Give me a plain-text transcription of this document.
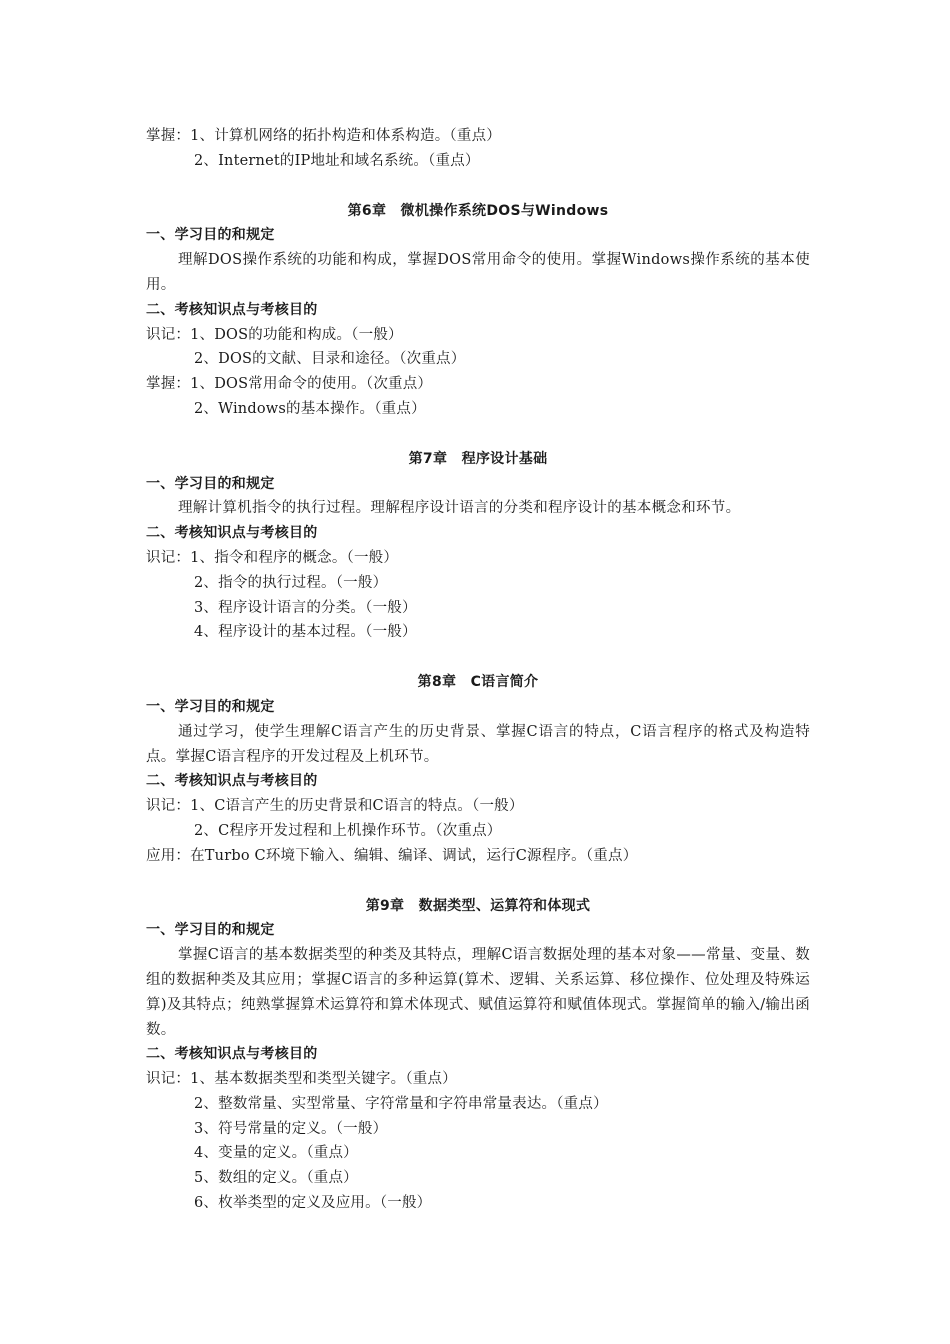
掌握：1、计算机网络的拓扑构造和体系构造。（重点）
2、Internet的IP地址和域名系统。（重点）
第6章　微机操作系统DOS与Windows
一、学习目的和规定
理解DOS操作系统的功能和构成，掌握DOS常用命令的使用。掌握Windows操作系统的基本使用。
二、考核知识点与考核目的
识记：1、DOS的功能和构成。（一般）
2、DOS的文献、目录和途径。（次重点）
掌握：1、DOS常用命令的使用。（次重点）
2、Windows的基本操作。（重点）
第7章　程序设计基础
一、学习目的和规定
理解计算机指令的执行过程。理解程序设计语言的分类和程序设计的基本概念和环节。
二、考核知识点与考核目的
识记：1、指令和程序的概念。（一般）
2、指令的执行过程。（一般）
3、程序设计语言的分类。（一般）
4、程序设计的基本过程。（一般）
第8章　C语言简介
一、学习目的和规定
通过学习，使学生理解C语言产生的历史背景、掌握C语言的特点，C语言程序的格式及构造特点。掌握C语言程序的开发过程及上机环节。
二、考核知识点与考核目的
识记：1、C语言产生的历史背景和C语言的特点。（一般）
2、C程序开发过程和上机操作环节。（次重点）
应用：在Turbo C环境下输入、编辑、编译、调试，运行C源程序。（重点）
第9章　数据类型、运算符和体现式
一、学习目的和规定
掌握C语言的基本数据类型的种类及其特点，理解C语言数据处理的基本对象——常量、变量、数组的数据种类及其应用；掌握C语言的多种运算(算术、逻辑、关系运算、移位操作、位处理及特殊运算)及其特点；纯熟掌握算术运算符和算术体现式、赋值运算符和赋值体现式。掌握简单的输入/输出函数。
二、考核知识点与考核目的
识记：1、基本数据类型和类型关键字。（重点）
2、整数常量、实型常量、字符常量和字符串常量表达。（重点）
3、符号常量的定义。（一般）
4、变量的定义。（重点）
5、数组的定义。（重点）
6、枚举类型的定义及应用。（一般）
